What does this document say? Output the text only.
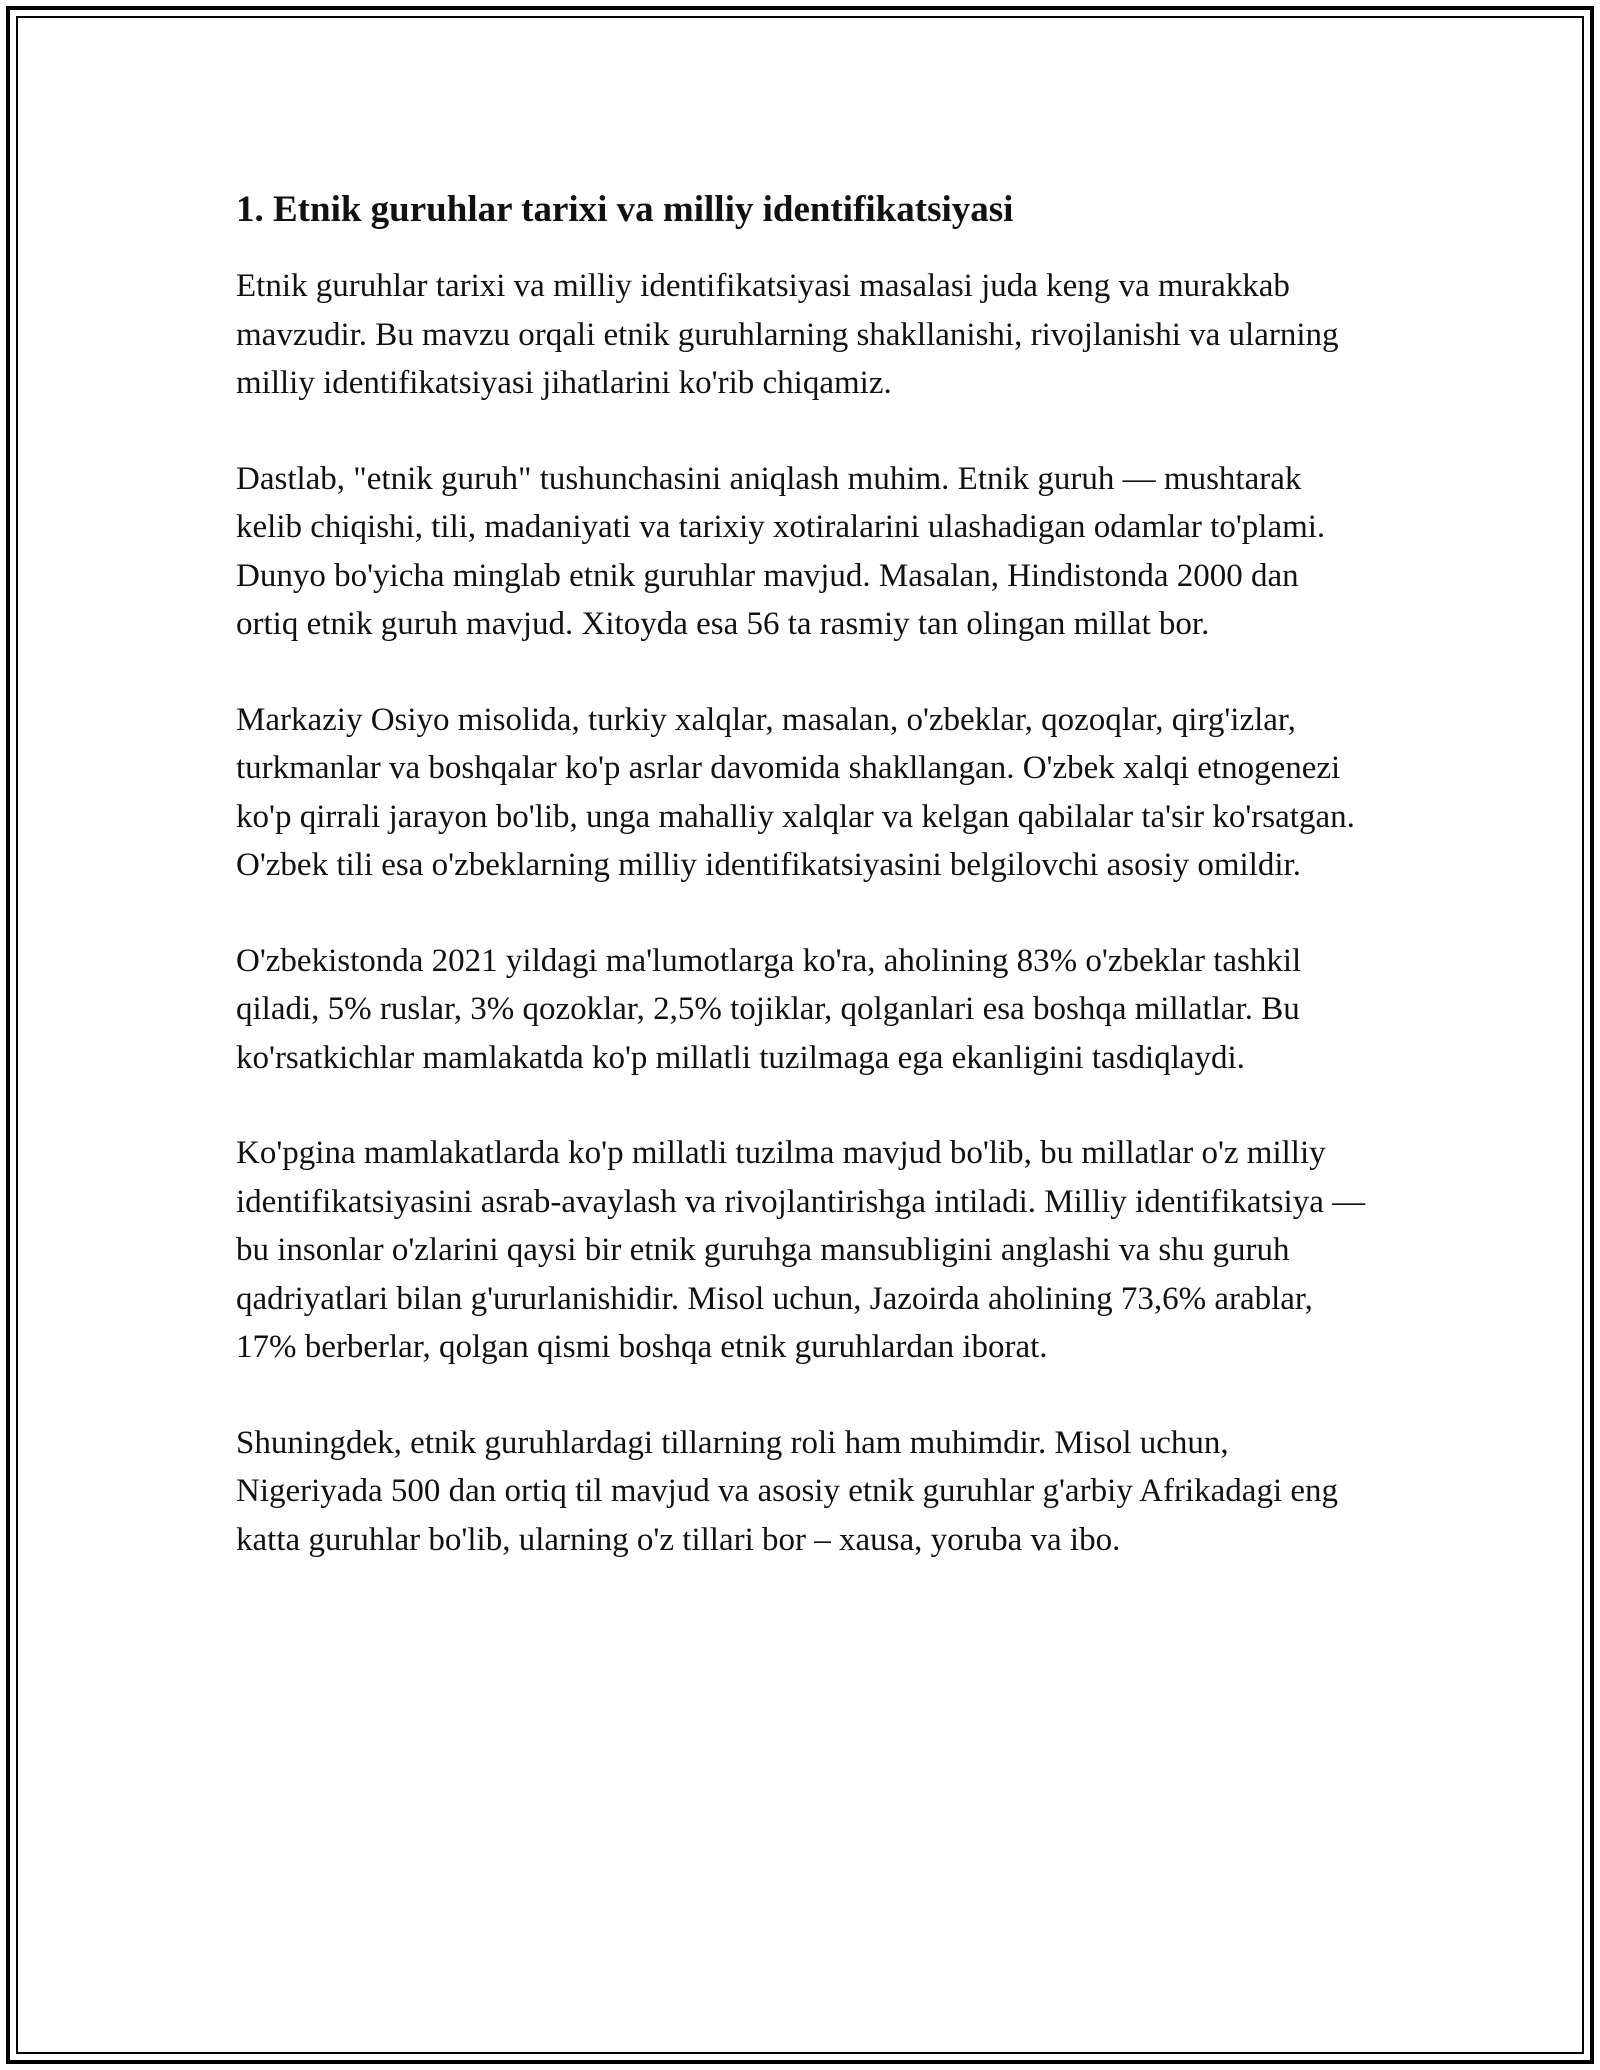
1. Etnik guruhlar tarixi va milliy identifikatsiyasi

Etnik guruhlar tarixi va milliy identifikatsiyasi masalasi juda keng va murakkab mavzudir. Bu mavzu orqali etnik guruhlarning shakllanishi, rivojlanishi va ularning milliy identifikatsiyasi jihatlarini ko'rib chiqamiz.

Dastlab, "etnik guruh" tushunchasini aniqlash muhim. Etnik guruh — mushtarak kelib chiqishi, tili, madaniyati va tarixiy xotiralarini ulashadigan odamlar to'plami. Dunyo bo'yicha minglab etnik guruhlar mavjud. Masalan, Hindistonda 2000 dan ortiq etnik guruh mavjud. Xitoyda esa 56 ta rasmiy tan olingan millat bor.

Markaziy Osiyo misolida, turkiy xalqlar, masalan, o'zbeklar, qozoqlar, qirg'izlar, turkmanlar va boshqalar ko'p asrlar davomida shakllangan. O'zbek xalqi etnogenezi ko'p qirrali jarayon bo'lib, unga mahalliy xalqlar va kelgan qabilalar ta'sir ko'rsatgan. O'zbek tili esa o'zbeklarning milliy identifikatsiyasini belgilovchi asosiy omildir.

O'zbekistonda 2021 yildagi ma'lumotlarga ko'ra, aholining 83% o'zbeklar tashkil qiladi, 5% ruslar, 3% qozoklar, 2,5% tojiklar, qolganlari esa boshqa millatlar. Bu ko'rsatkichlar mamlakatda ko'p millatli tuzilmaga ega ekanligini tasdiqlaydi.

Ko'pgina mamlakatlarda ko'p millatli tuzilma mavjud bo'lib, bu millatlar o'z milliy identifikatsiyasini asrab-avaylash va rivojlantirishga intiladi. Milliy identifikatsiya — bu insonlar o'zlarini qaysi bir etnik guruhga mansubligini anglashi va shu guruh qadriyatlari bilan g'ururlanishidir. Misol uchun, Jazoirda aholining 73,6% arablar, 17% berberlar, qolgan qismi boshqa etnik guruhlardan iborat.

Shuningdek, etnik guruhlardagi tillarning roli ham muhimdir. Misol uchun, Nigeriyada 500 dan ortiq til mavjud va asosiy etnik guruhlar g'arbiy Afrikadagi eng katta guruhlar bo'lib, ularning o'z tillari bor – xausa, yoruba va ibo.
